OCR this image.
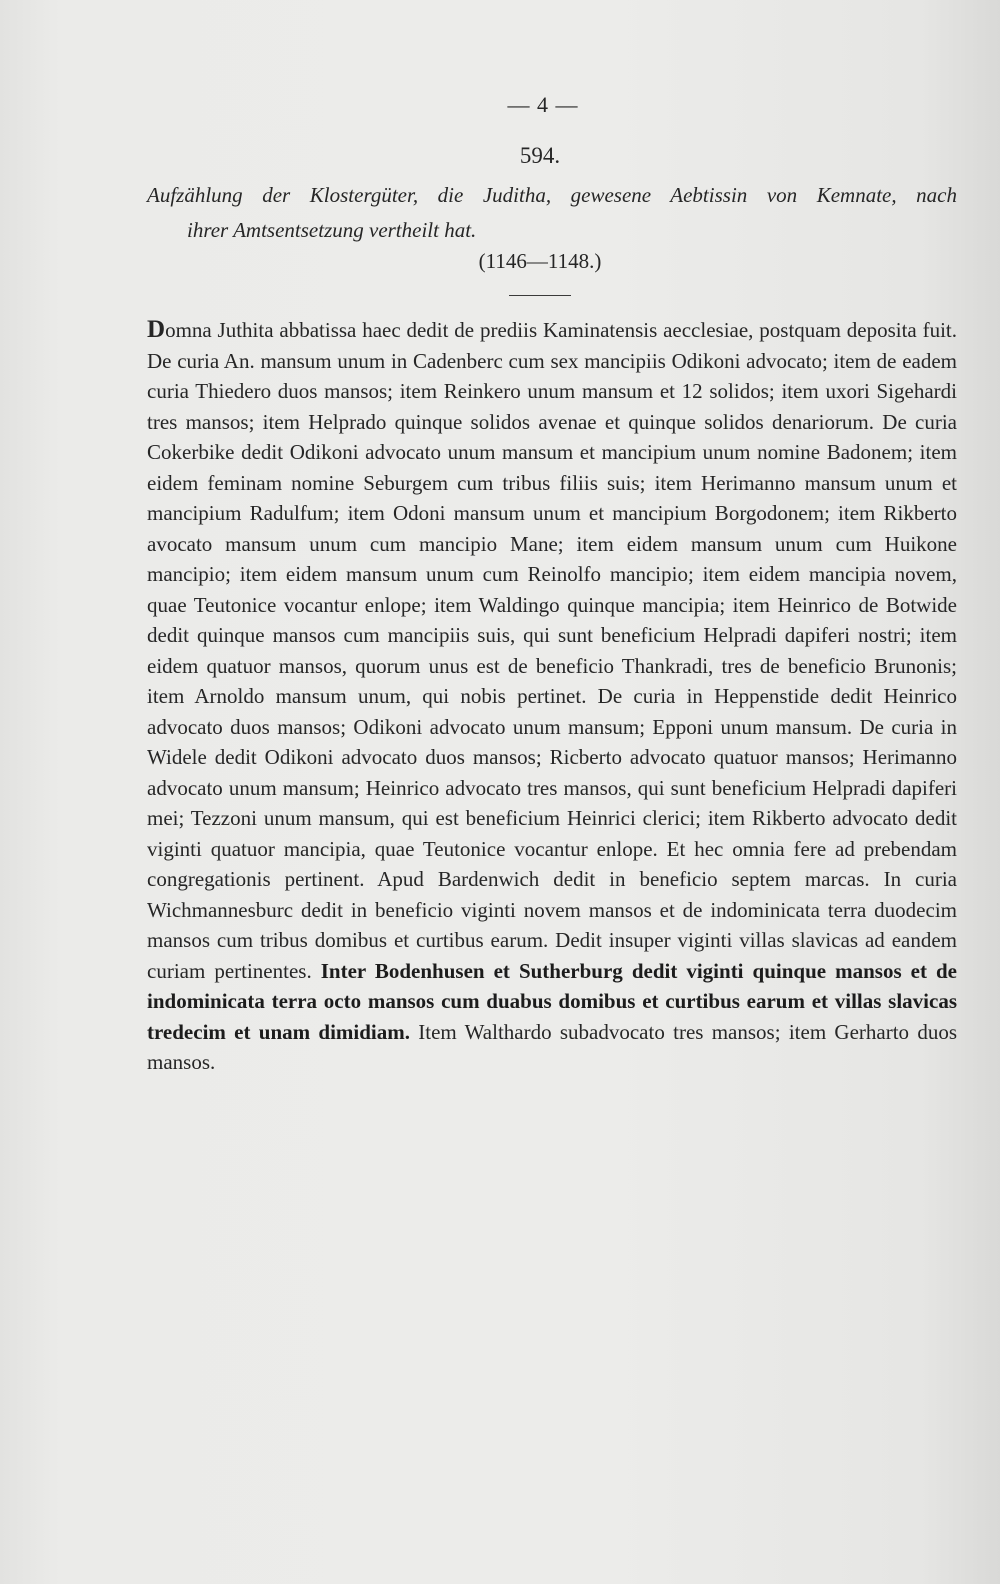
— 4 —
594.

Aufzählung der Klostergüter, die Juditha, gewesene Aebtissin von Kemnate, nach
ihrer Amtsentsetzung vertheilt hat.

(1146—1148.)

Domna Juthita abbatissa haec dedit de prediis Kaminatensis aecclesiae, postquam deposita fuit. De curia An. mansum unum in Cadenberc cum sex mancipiis Odikoni advocato; item de eadem curia Thiedero duos mansos; item Reinkero unum mansum et 12 solidos; item uxori Sigehardi tres mansos; item Helprado quinque solidos avenae et quinque solidos denariorum. De curia Cokerbike dedit Odikoni advocato unum mansum et mancipium unum nomine Badonem; item eidem feminam nomine Seburgem cum tribus filiis suis; item Herimanno mansum unum et mancipium Radulfum; item Odoni mansum unum et mancipium Borgodonem; item Rikberto avocato mansum unum cum mancipio Mane; item eidem mansum unum cum Huikone mancipio; item eidem mansum unum cum Reinolfo mancipio; item eidem mancipia novem, quae Teutonice vocantur enlope; item Waldingo quinque mancipia; item Heinrico de Botwide dedit quinque mansos cum mancipiis suis, qui sunt beneficium Helpradi dapiferi nostri; item eidem quatuor mansos, quorum unus est de beneficio Thankradi, tres de beneficio Brunonis; item Arnoldo mansum unum, qui nobis pertinet. De curia in Heppenstide dedit Heinrico advocato duos mansos; Odikoni advocato unum mansum; Epponi unum mansum. De curia in Widele dedit Odikoni advocato duos mansos; Ricberto advocato quatuor mansos; Herimanno advocato unum mansum; Heinrico advocato tres mansos, qui sunt beneficium Helpradi dapiferi mei; Tezzoni unum mansum, qui est beneficium Heinrici clerici; item Rikberto advocato dedit viginti quatuor mancipia, quae Teutonice vocantur enlope. Et hec omnia fere ad prebendam congregationis pertinent. Apud Bardenwich dedit in beneficio septem marcas. In curia Wichmannesburc dedit in beneficio viginti novem mansos et de indominicata terra duodecim mansos cum tribus domibus et curtibus earum. Dedit insuper viginti villas slavicas ad eandem curiam pertinentes. Inter Bodenhusen et Sutherburg dedit viginti quinque mansos et de indominicata terra octo mansos cum duabus domibus et curtibus earum et villas slavicas tredecim et unam dimidiam. Item Walthardo subadvocato tres mansos; item Gerharto duos mansos.
